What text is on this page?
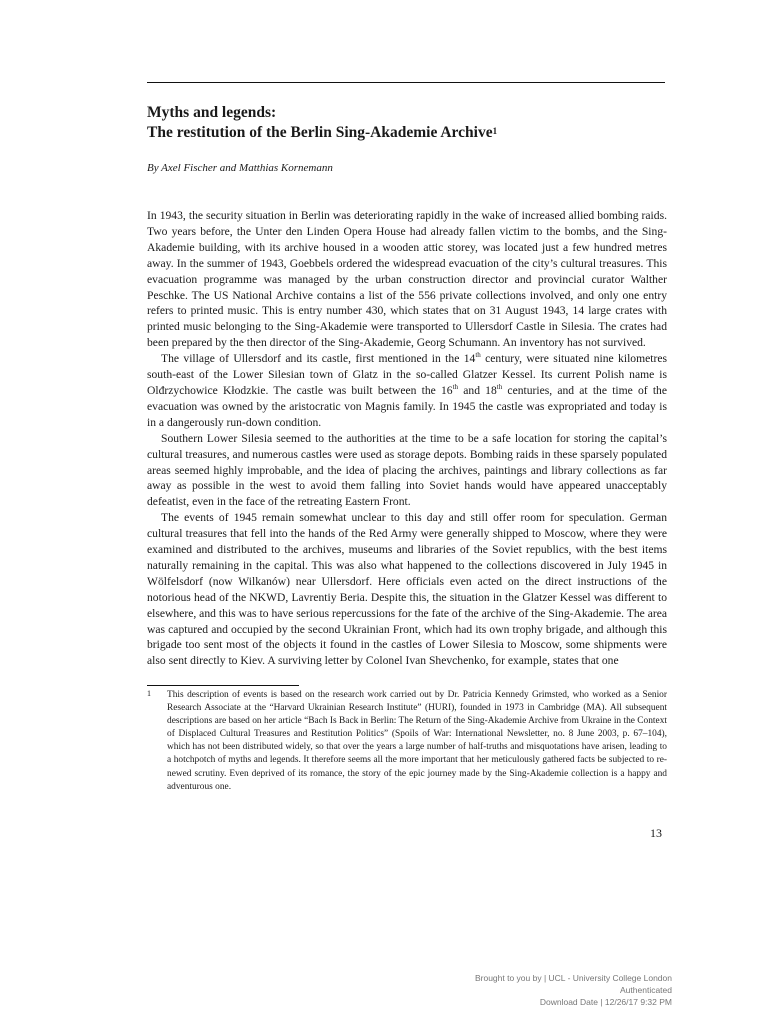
Myths and legends:
The restitution of the Berlin Sing-Akademie Archive$^1$

By Axel Fischer and Matthias Kornemann

In 1943, the security situation in Berlin was deteriorating rapidly in the wake of increased allied bombing raids. Two years before, the Unter den Linden Opera House had already fallen victim to the bombs, and the Sing-Akademie building, with its archive housed in a wooden attic storey, was located just a few hundred metres away. In the summer of 1943, Goebbels ordered the widespread evacuation of the city’s cultural treasures. This evacuation programme was managed by the urban construction director and provincial curator Walther Peschke. The US National Archive contains a list of the 556 private collections involved, and only one entry refers to printed music. This is entry number 430, which states that on 31 August 1943, 14 large crates with printed music belonging to the Sing-Akademie were transported to Ullersdorf Castle in Silesia. The crates had been prepared by the then director of the Sing-Akademie, Georg Schumann. An inventory has not survived.

The village of Ullersdorf and its castle, first mentioned in the 14th century, were situated nine kilometres south-east of the Lower Silesian town of Glatz in the so-called Glatzer Kessel. Its current Polish name is Olđrzychowice Kłodzkie. The castle was built between the 16th and 18th centuries, and at the time of the evacuation was owned by the aristocratic von Magnis family. In 1945 the castle was expropriated and today is in a dangerously run-down condition.

Southern Lower Silesia seemed to the authorities at the time to be a safe location for storing the capital’s cultural treasures, and numerous castles were used as storage depots. Bombing raids in these sparsely populated areas seemed highly improbable, and the idea of placing the archives, paintings and library collections as far away as possible in the west to avoid them falling into Soviet hands would have appeared unacceptably defeatist, even in the face of the retreating Eastern Front.

The events of 1945 remain somewhat unclear to this day and still offer room for speculation. German cultural treasures that fell into the hands of the Red Army were generally shipped to Moscow, where they were examined and distributed to the archives, museums and libraries of the Soviet republics, with the best items naturally remaining in the capital. This was also what happened to the collections discovered in July 1945 in Wölfelsdorf (now Wilkanów) near Ullersdorf. Here officials even acted on the direct instructions of the notorious head of the NKWD, Lavrentiy Beria. Despite this, the situation in the Glatzer Kessel was different to elsewhere, and this was to have serious repercussions for the fate of the archive of the Sing-Akademie. The area was captured and occupied by the second Ukrainian Front, which had its own trophy brigade, and although this brigade too sent most of the objects it found in the castles of Lower Silesia to Moscow, some shipments were also sent directly to Kiev. A surviving letter by Colonel Ivan Shevchenko, for example, states that one

1	This description of events is based on the research work carried out by Dr. Patricia Kennedy Grimsted, who worked as a Senior Research Associate at the “Harvard Ukrainian Research Institute” (HURI), founded in 1973 in Cambridge (MA). All subsequent descriptions are based on her article “Bach Is Back in Berlin: The Return of the Sing-Akademie Archive from Ukraine in the Context of Displaced Cultural Treasures and Restitution Politics” (Spoils of War: International Newsletter, no. 8 June 2003, p. 67–104), which has not been distributed widely, so that over the years a large number of half-truths and misquotations have arisen, leading to a hotchpotch of myths and legends. It therefore seems all the more important that her meticulously gathered facts be subjected to renewed scrutiny. Even deprived of its romance, the story of the epic journey made by the Sing-Akademie collection is a happy and adventurous one.

13
Brought to you by | UCL - University College London
Authenticated
Download Date | 12/26/17 9:32 PM
